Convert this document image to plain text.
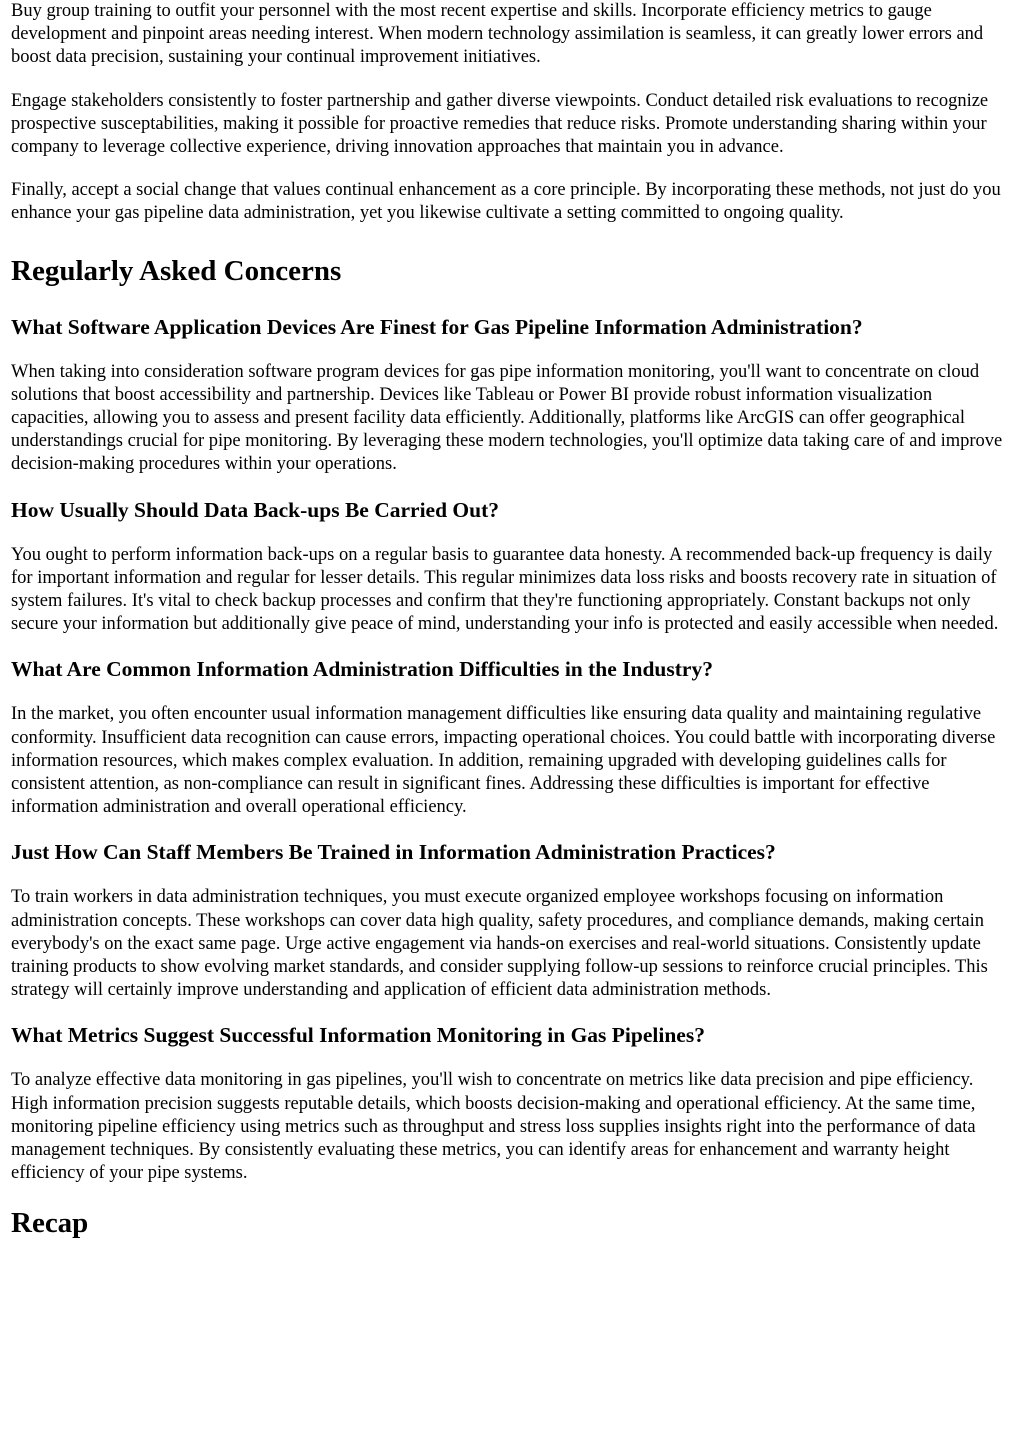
Buy group training to outfit your personnel with the most recent expertise and skills. Incorporate efficiency metrics to gauge development and pinpoint areas needing interest. When modern technology assimilation is seamless, it can greatly lower errors and boost data precision, sustaining your continual improvement initiatives.

Engage stakeholders consistently to foster partnership and gather diverse viewpoints. Conduct detailed risk evaluations to recognize prospective susceptabilities, making it possible for proactive remedies that reduce risks. Promote understanding sharing within your company to leverage collective experience, driving innovation approaches that maintain you in advance.

Finally, accept a social change that values continual enhancement as a core principle. By incorporating these methods, not just do you enhance your gas pipeline data administration, yet you likewise cultivate a setting committed to ongoing quality.

Regularly Asked Concerns
What Software Application Devices Are Finest for Gas Pipeline Information Administration?

When taking into consideration software program devices for gas pipe information monitoring, you'll want to concentrate on cloud solutions that boost accessibility and partnership. Devices like Tableau or Power BI provide robust information visualization capacities, allowing you to assess and present facility data efficiently. Additionally, platforms like ArcGIS can offer geographical understandings crucial for pipe monitoring. By leveraging these modern technologies, you'll optimize data taking care of and improve decision-making procedures within your operations.

How Usually Should Data Back-ups Be Carried Out?

You ought to perform information back-ups on a regular basis to guarantee data honesty. A recommended back-up frequency is daily for important information and regular for lesser details. This regular minimizes data loss risks and boosts recovery rate in situation of system failures. It's vital to check backup processes and confirm that they're functioning appropriately. Constant backups not only secure your information but additionally give peace of mind, understanding your info is protected and easily accessible when needed.

What Are Common Information Administration Difficulties in the Industry?

In the market, you often encounter usual information management difficulties like ensuring data quality and maintaining regulative conformity. Insufficient data recognition can cause errors, impacting operational choices. You could battle with incorporating diverse information resources, which makes complex evaluation. In addition, remaining upgraded with developing guidelines calls for consistent attention, as non-compliance can result in significant fines. Addressing these difficulties is important for effective information administration and overall operational efficiency.

Just How Can Staff Members Be Trained in Information Administration Practices?

To train workers in data administration techniques, you must execute organized employee workshops focusing on information administration concepts. These workshops can cover data high quality, safety procedures, and compliance demands, making certain everybody's on the exact same page. Urge active engagement via hands-on exercises and real-world situations. Consistently update training products to show evolving market standards, and consider supplying follow-up sessions to reinforce crucial principles. This strategy will certainly improve understanding and application of efficient data administration methods.

What Metrics Suggest Successful Information Monitoring in Gas Pipelines?

To analyze effective data monitoring in gas pipelines, you'll wish to concentrate on metrics like data precision and pipe efficiency. High information precision suggests reputable details, which boosts decision-making and operational efficiency. At the same time, monitoring pipeline efficiency using metrics such as throughput and stress loss supplies insights right into the performance of data management techniques. By consistently evaluating these metrics, you can identify areas for enhancement and warranty height efficiency of your pipe systems.

Recap
